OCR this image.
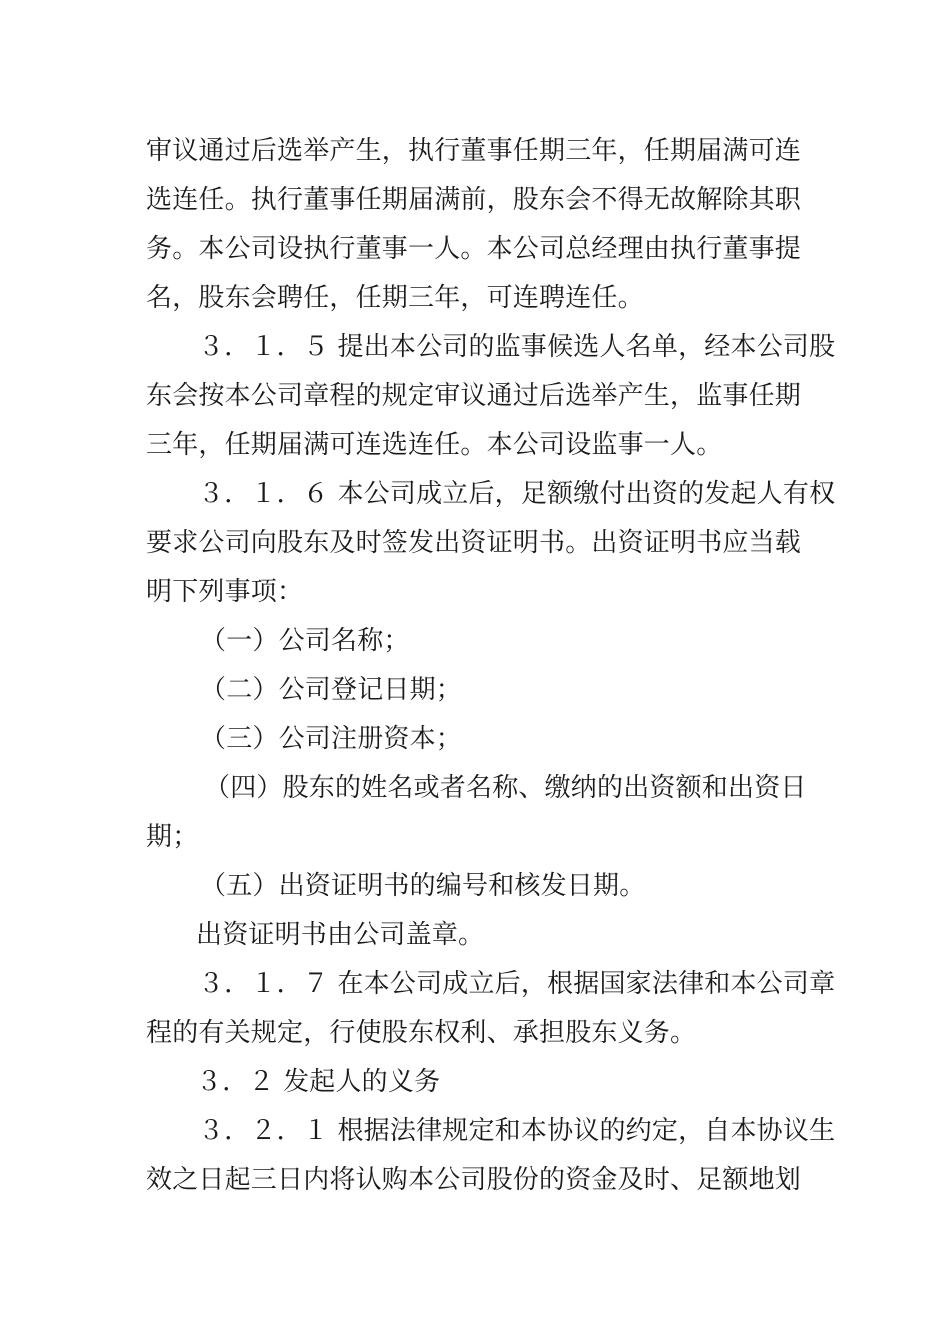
审议通过后选举产生，执行董事任期三年，任期届满可连
选连任。执行董事任期届满前，股东会不得无故解除其职
务。本公司设执行董事一人。本公司总经理由执行董事提
名，股东会聘任，任期三年，可连聘连任。
３．１．５ 提出本公司的监事候选人名单，经本公司股
东会按本公司章程的规定审议通过后选举产生，监事任期
三年，任期届满可连选连任。本公司设监事一人。
３．１．６ 本公司成立后，足额缴付出资的发起人有权
要求公司向股东及时签发出资证明书。出资证明书应当载
明下列事项：
（一）公司名称；
（二）公司登记日期；
（三）公司注册资本；
（四）股东的姓名或者名称、缴纳的出资额和出资日
期；
（五）出资证明书的编号和核发日期。
出资证明书由公司盖章。
３．１．７ 在本公司成立后，根据国家法律和本公司章
程的有关规定，行使股东权利、承担股东义务。
３．２ 发起人的义务
３．２．１ 根据法律规定和本协议的约定，自本协议生
效之日起三日内将认购本公司股份的资金及时、足额地划
